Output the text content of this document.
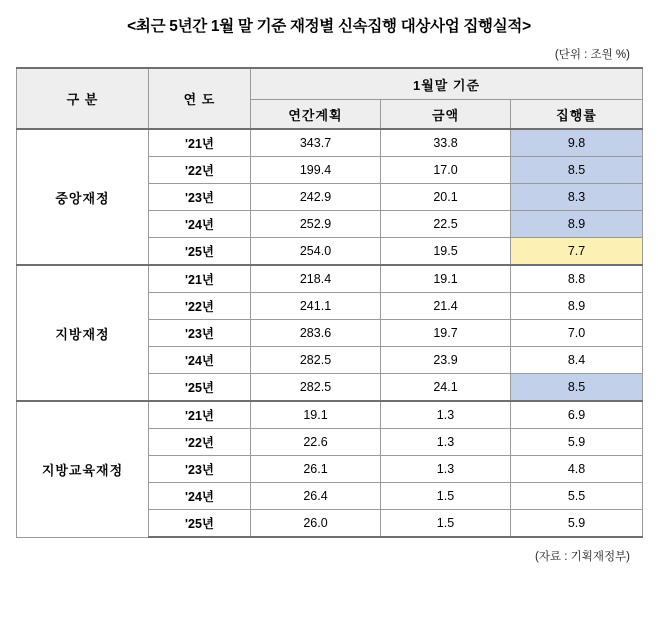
<최근 5년간 1월 말 기준 재정별 신속집행 대상사업 집행실적>
(단위 : 조원 %)
구 분	연 도	1월말 기준		
		연간계획	금액	집행률
중앙재정	'21년	343.7	33.8	9.8
	'22년	199.4	17.0	8.5
	'23년	242.9	20.1	8.3
	'24년	252.9	22.5	8.9
	'25년	254.0	19.5	7.7
지방재정	'21년	218.4	19.1	8.8
	'22년	241.1	21.4	8.9
	'23년	283.6	19.7	7.0
	'24년	282.5	23.9	8.4
	'25년	282.5	24.1	8.5
지방교육재정	'21년	19.1	1.3	6.9
	'22년	22.6	1.3	5.9
	'23년	26.1	1.3	4.8
	'24년	26.4	1.5	5.5
	'25년	26.0	1.5	5.9
(자료 : 기획재정부)
